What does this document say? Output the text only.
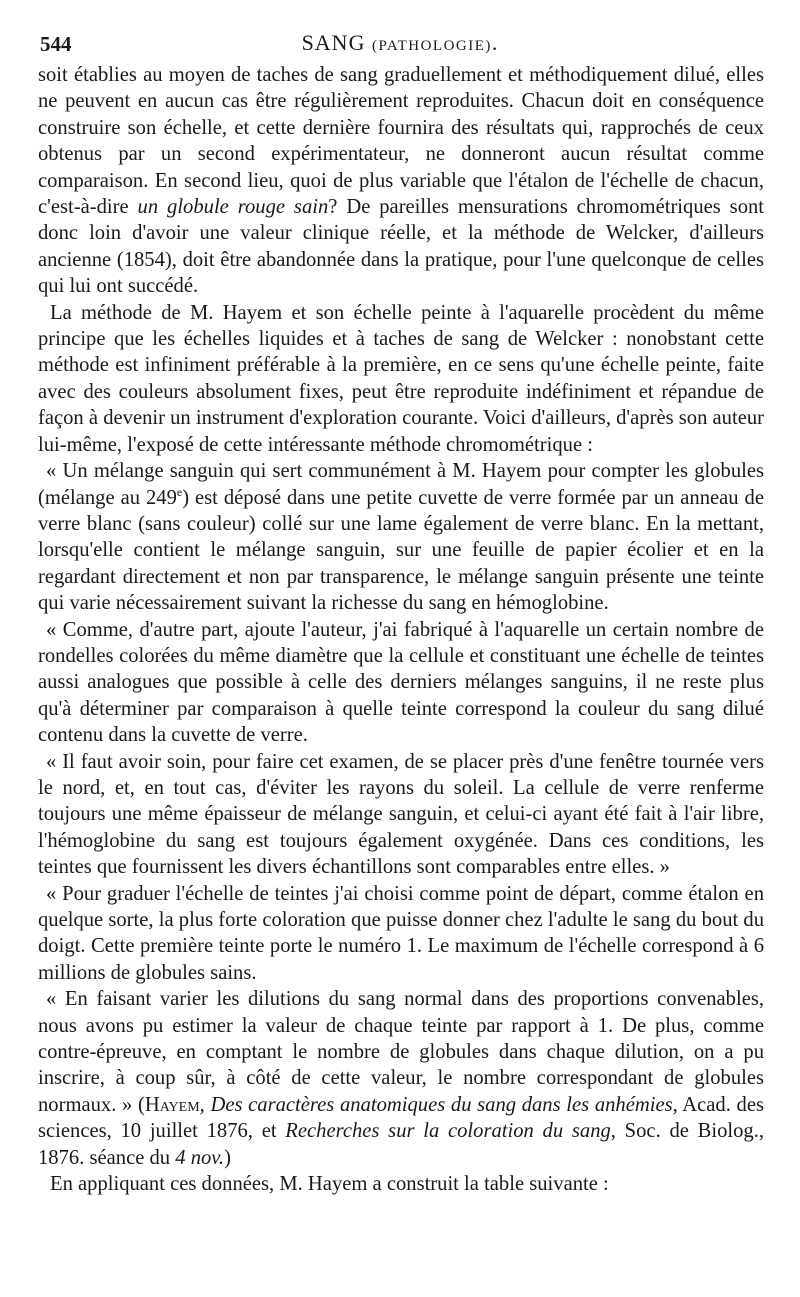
544	SANG (PATHOLOGIE).

soit établies au moyen de taches de sang graduellement et méthodiquement dilué, elles ne peuvent en aucun cas être régulièrement reproduites. Chacun doit en conséquence construire son échelle, et cette dernière fournira des résultats qui, rapprochés de ceux obtenus par un second expérimentateur, ne donneront aucun résultat comme comparaison. En second lieu, quoi de plus variable que l'étalon de l'échelle de chacun, c'est-à-dire un globule rouge sain? De pareilles mensurations chromométriques sont donc loin d'avoir une valeur clinique réelle, et la méthode de Welcker, d'ailleurs ancienne (1854), doit être abandonnée dans la pratique, pour l'une quelconque de celles qui lui ont succédé.

La méthode de M. Hayem et son échelle peinte à l'aquarelle procèdent du même principe que les échelles liquides et à taches de sang de Welcker : nonobstant cette méthode est infiniment préférable à la première, en ce sens qu'une échelle peinte, faite avec des couleurs absolument fixes, peut être reproduite indéfiniment et répandue de façon à devenir un instrument d'exploration courante. Voici d'ailleurs, d'après son auteur lui-même, l'exposé de cette intéressante méthode chromométrique :

« Un mélange sanguin qui sert communément à M. Hayem pour compter les globules (mélange au 249e) est déposé dans une petite cuvette de verre formée par un anneau de verre blanc (sans couleur) collé sur une lame également de verre blanc. En la mettant, lorsqu'elle contient le mélange sanguin, sur une feuille de papier écolier et en la regardant directement et non par transparence, le mélange sanguin présente une teinte qui varie nécessairement suivant la richesse du sang en hémoglobine.

« Comme, d'autre part, ajoute l'auteur, j'ai fabriqué à l'aquarelle un certain nombre de rondelles colorées du même diamètre que la cellule et constituant une échelle de teintes aussi analogues que possible à celle des derniers mélanges sanguins, il ne reste plus qu'à déterminer par comparaison à quelle teinte correspond la couleur du sang dilué contenu dans la cuvette de verre.

« Il faut avoir soin, pour faire cet examen, de se placer près d'une fenêtre tournée vers le nord, et, en tout cas, d'éviter les rayons du soleil. La cellule de verre renferme toujours une même épaisseur de mélange sanguin, et celui-ci ayant été fait à l'air libre, l'hémoglobine du sang est toujours également oxygénée. Dans ces conditions, les teintes que fournissent les divers échantillons sont comparables entre elles. »

« Pour graduer l'échelle de teintes j'ai choisi comme point de départ, comme étalon en quelque sorte, la plus forte coloration que puisse donner chez l'adulte le sang du bout du doigt. Cette première teinte porte le numéro 1. Le maximum de l'échelle correspond à 6 millions de globules sains.

« En faisant varier les dilutions du sang normal dans des proportions convenables, nous avons pu estimer la valeur de chaque teinte par rapport à 1. De plus, comme contre-épreuve, en comptant le nombre de globules dans chaque dilution, on a pu inscrire, à coup sûr, à côté de cette valeur, le nombre correspondant de globules normaux. » (Hayem, Des caractères anatomiques du sang dans les anhémies, Acad. des sciences, 10 juillet 1876, et Recherches sur la coloration du sang, Soc. de Biolog., 1876. séance du 4 nov.)

En appliquant ces données, M. Hayem a construit la table suivante :
